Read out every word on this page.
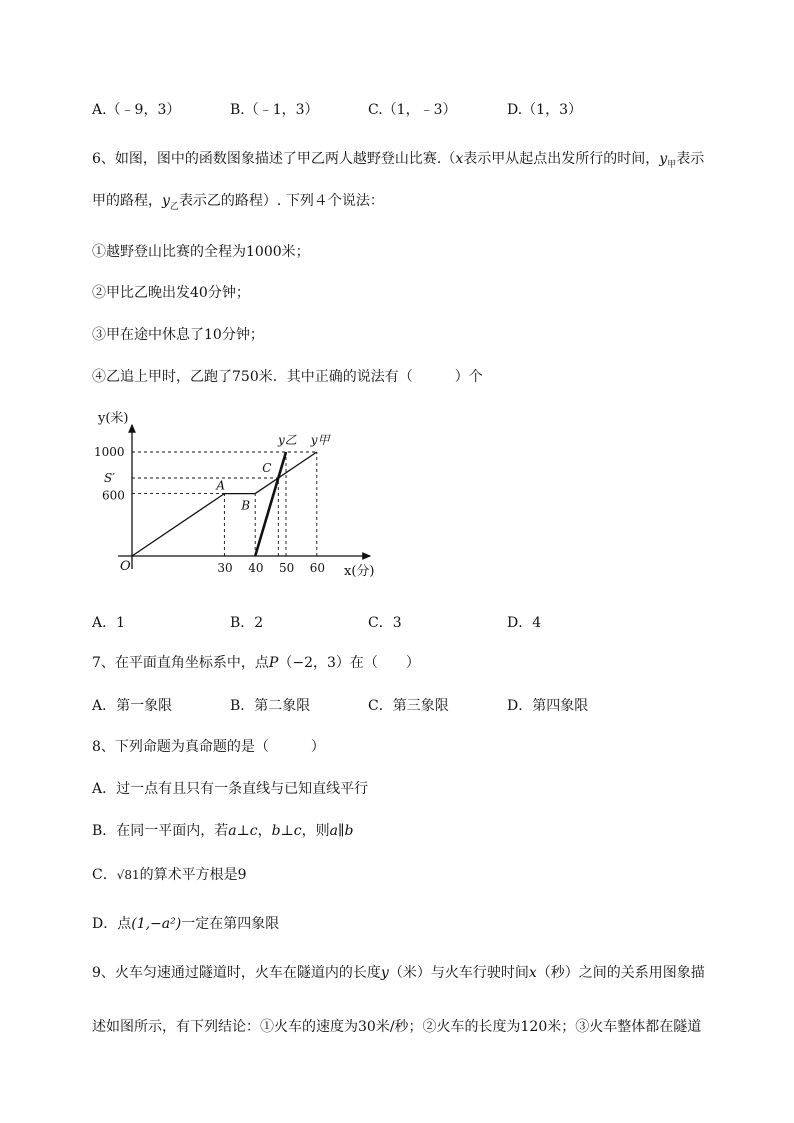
A.（﹣9，3）	B.（﹣1，3）	C.（1，﹣3）	D.（1，3）
6、如图，图中的函数图象描述了甲乙两人越野登山比赛.（x表示甲从起点出发所行的时间，$y_甲$表示
甲的路程，$y_乙$表示乙的路程）. 下列４个说法：
①越野登山比赛的全程为1000米；
②甲比乙晚出发40分钟；
③甲在途中休息了10分钟；
④乙追上甲时，乙跑了750米．其中正确的说法有（　　　）个
30 40 50 60
1000
S′
600
O
y(米)
x(分)
A
B
C
y乙 y甲
A．1	B．2	C．3	D．4
7、在平面直角坐标系中，点P（−2，3）在（　　）
A．第一象限	B．第二象限	C．第三象限	D．第四象限
8、下列命题为真命题的是（　　　）
A．过一点有且只有一条直线与已知直线平行
B．在同一平面内，若a⊥c，b⊥c，则a∥b
C．√81的算术平方根是9
D．点(1,−a²)一定在第四象限
9、火车匀速通过隧道时，火车在隧道内的长度y（米）与火车行驶时间x（秒）之间的关系用图象描
述如图所示，有下列结论：①火车的速度为30米/秒；②火车的长度为120米；③火车整体都在隧道
